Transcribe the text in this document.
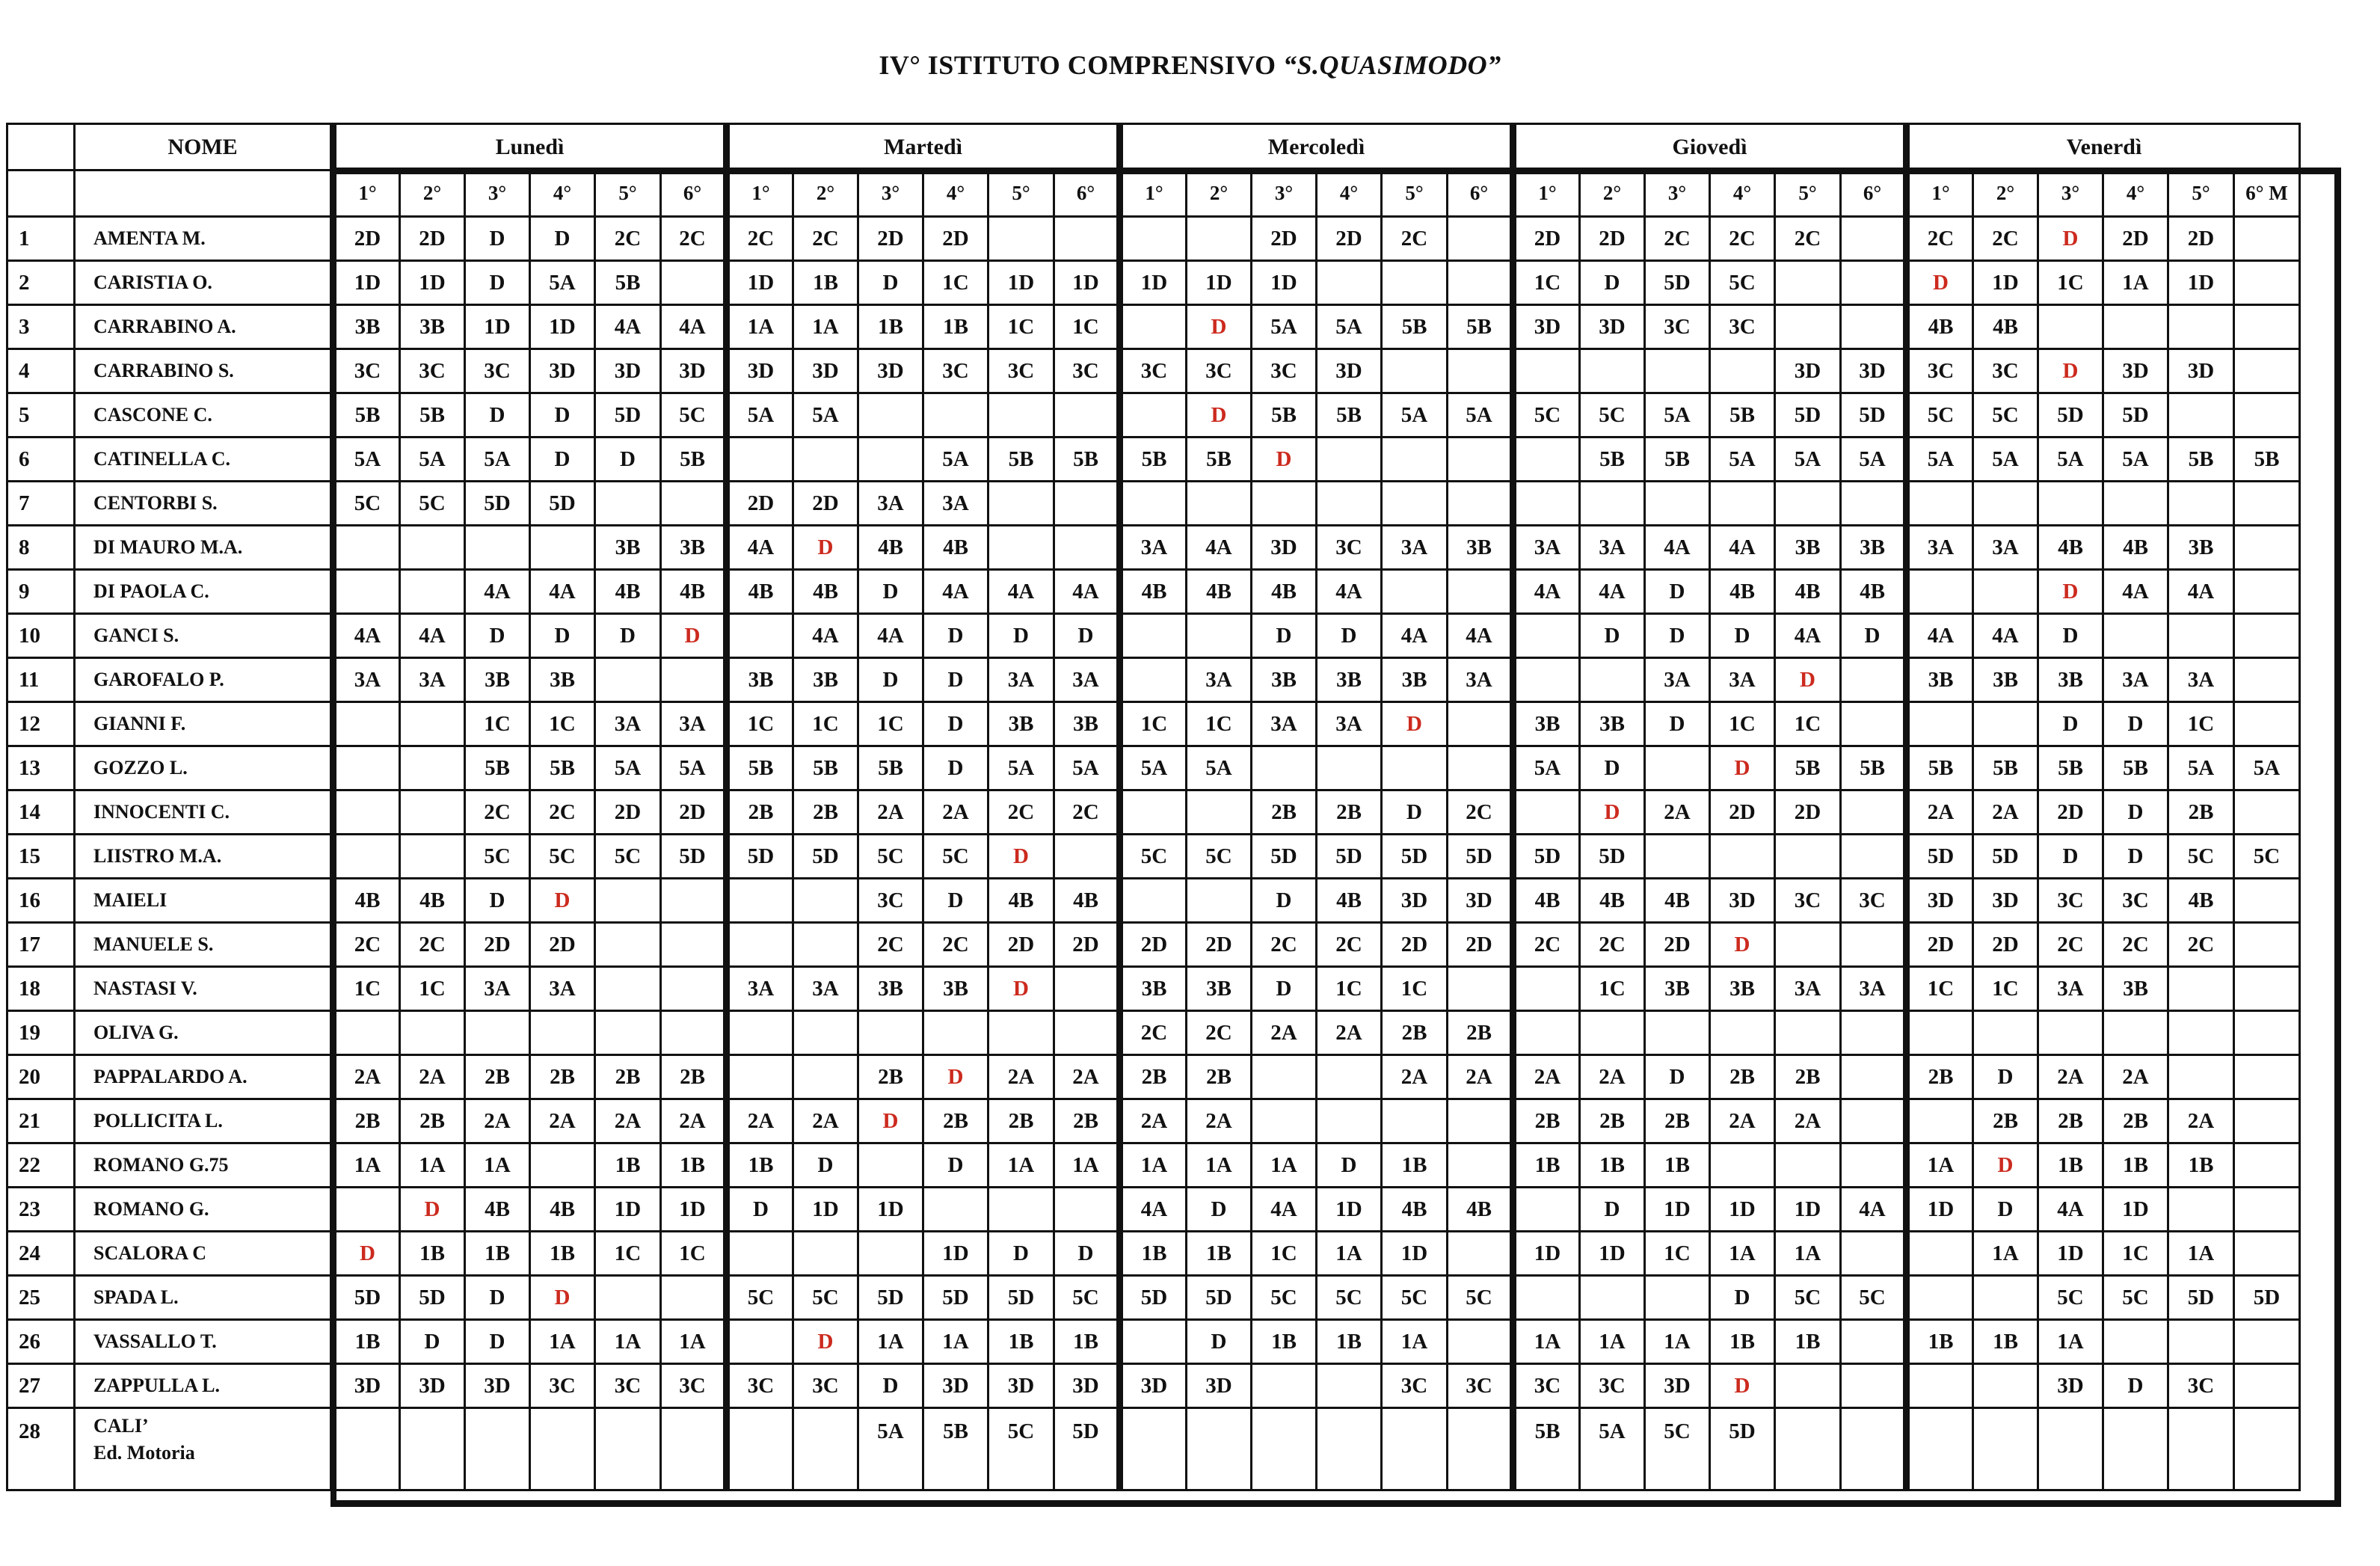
IV° ISTITUTO COMPRENSIVO “S.QUASIMODO”
	NOME	Lunedì						Martedì						Mercoledì						Giovedì						Venerdì					
		1°	2°	3°	4°	5°	6°	1°	2°	3°	4°	5°	6°	1°	2°	3°	4°	5°	6°	1°	2°	3°	4°	5°	6°	1°	2°	3°	4°	5°	6° M
1	AMENTA M.	2D	2D	D	D	2C	2C	2C	2C	2D	2D					2D	2D	2C		2D	2D	2C	2C	2C		2C	2C	D	2D	2D	
2	CARISTIA O.	1D	1D	D	5A	5B		1D	1B	D	1C	1D	1D	1D	1D	1D				1C	D	5D	5C			D	1D	1C	1A	1D	
3	CARRABINO A.	3B	3B	1D	1D	4A	4A	1A	1A	1B	1B	1C	1C		D	5A	5A	5B	5B	3D	3D	3C	3C			4B	4B				
4	CARRABINO S.	3C	3C	3C	3D	3D	3D	3D	3D	3D	3C	3C	3C	3C	3C	3C	3D							3D	3D	3C	3C	D	3D	3D	
5	CASCONE C.	5B	5B	D	D	5D	5C	5A	5A						D	5B	5B	5A	5A	5C	5C	5A	5B	5D	5D	5C	5C	5D	5D		
6	CATINELLA C.	5A	5A	5A	D	D	5B				5A	5B	5B	5B	5B	D					5B	5B	5A	5A	5A	5A	5A	5A	5A	5B	5B
7	CENTORBI S.	5C	5C	5D	5D			2D	2D	3A	3A																				
8	DI MAURO M.A.					3B	3B	4A	D	4B	4B			3A	4A	3D	3C	3A	3B	3A	3A	4A	4A	3B	3B	3A	3A	4B	4B	3B	
9	DI PAOLA C.			4A	4A	4B	4B	4B	4B	D	4A	4A	4A	4B	4B	4B	4A			4A	4A	D	4B	4B	4B			D	4A	4A	
10	GANCI S.	4A	4A	D	D	D	D		4A	4A	D	D	D			D	D	4A	4A		D	D	D	4A	D	4A	4A	D			
11	GAROFALO P.	3A	3A	3B	3B			3B	3B	D	D	3A	3A		3A	3B	3B	3B	3A			3A	3A	D		3B	3B	3B	3A	3A	
12	GIANNI F.			1C	1C	3A	3A	1C	1C	1C	D	3B	3B	1C	1C	3A	3A	D		3B	3B	D	1C	1C				D	D	1C	
13	GOZZO L.			5B	5B	5A	5A	5B	5B	5B	D	5A	5A	5A	5A					5A	D		D	5B	5B	5B	5B	5B	5B	5A	5A
14	INNOCENTI C.			2C	2C	2D	2D	2B	2B	2A	2A	2C	2C			2B	2B	D	2C		D	2A	2D	2D		2A	2A	2D	D	2B	
15	LIISTRO M.A.			5C	5C	5C	5D	5D	5D	5C	5C	D		5C	5C	5D	5D	5D	5D	5D	5D					5D	5D	D	D	5C	5C
16	MAIELI	4B	4B	D	D					3C	D	4B	4B			D	4B	3D	3D	4B	4B	4B	3D	3C	3C	3D	3D	3C	3C	4B	
17	MANUELE S.	2C	2C	2D	2D					2C	2C	2D	2D	2D	2D	2C	2C	2D	2D	2C	2C	2D	D			2D	2D	2C	2C	2C	
18	NASTASI V.	1C	1C	3A	3A			3A	3A	3B	3B	D		3B	3B	D	1C	1C			1C	3B	3B	3A	3A	1C	1C	3A	3B		
19	OLIVA G.													2C	2C	2A	2A	2B	2B												
20	PAPPALARDO A.	2A	2A	2B	2B	2B	2B			2B	D	2A	2A	2B	2B			2A	2A	2A	2A	D	2B	2B		2B	D	2A	2A		
21	POLLICITA L.	2B	2B	2A	2A	2A	2A	2A	2A	D	2B	2B	2B	2A	2A					2B	2B	2B	2A	2A			2B	2B	2B	2A	
22	ROMANO G.75	1A	1A	1A		1B	1B	1B	D		D	1A	1A	1A	1A	1A	D	1B		1B	1B	1B				1A	D	1B	1B	1B	
23	ROMANO G.		D	4B	4B	1D	1D	D	1D	1D				4A	D	4A	1D	4B	4B		D	1D	1D	1D	4A	1D	D	4A	1D		
24	SCALORA C	D	1B	1B	1B	1C	1C				1D	D	D	1B	1B	1C	1A	1D		1D	1D	1C	1A	1A			1A	1D	1C	1A	
25	SPADA L.	5D	5D	D	D			5C	5C	5D	5D	5D	5C	5D	5D	5C	5C	5C	5C				D	5C	5C			5C	5C	5D	5D
26	VASSALLO T.	1B	D	D	1A	1A	1A		D	1A	1A	1B	1B		D	1B	1B	1A		1A	1A	1A	1B	1B		1B	1B	1A			
27	ZAPPULLA L.	3D	3D	3D	3C	3C	3C	3C	3C	D	3D	3D	3D	3D	3D			3C	3C	3C	3C	3D	D					3D	D	3C	
28	CALI’
Ed. Motoria									5A	5B	5C	5D							5B	5A	5C	5D								
